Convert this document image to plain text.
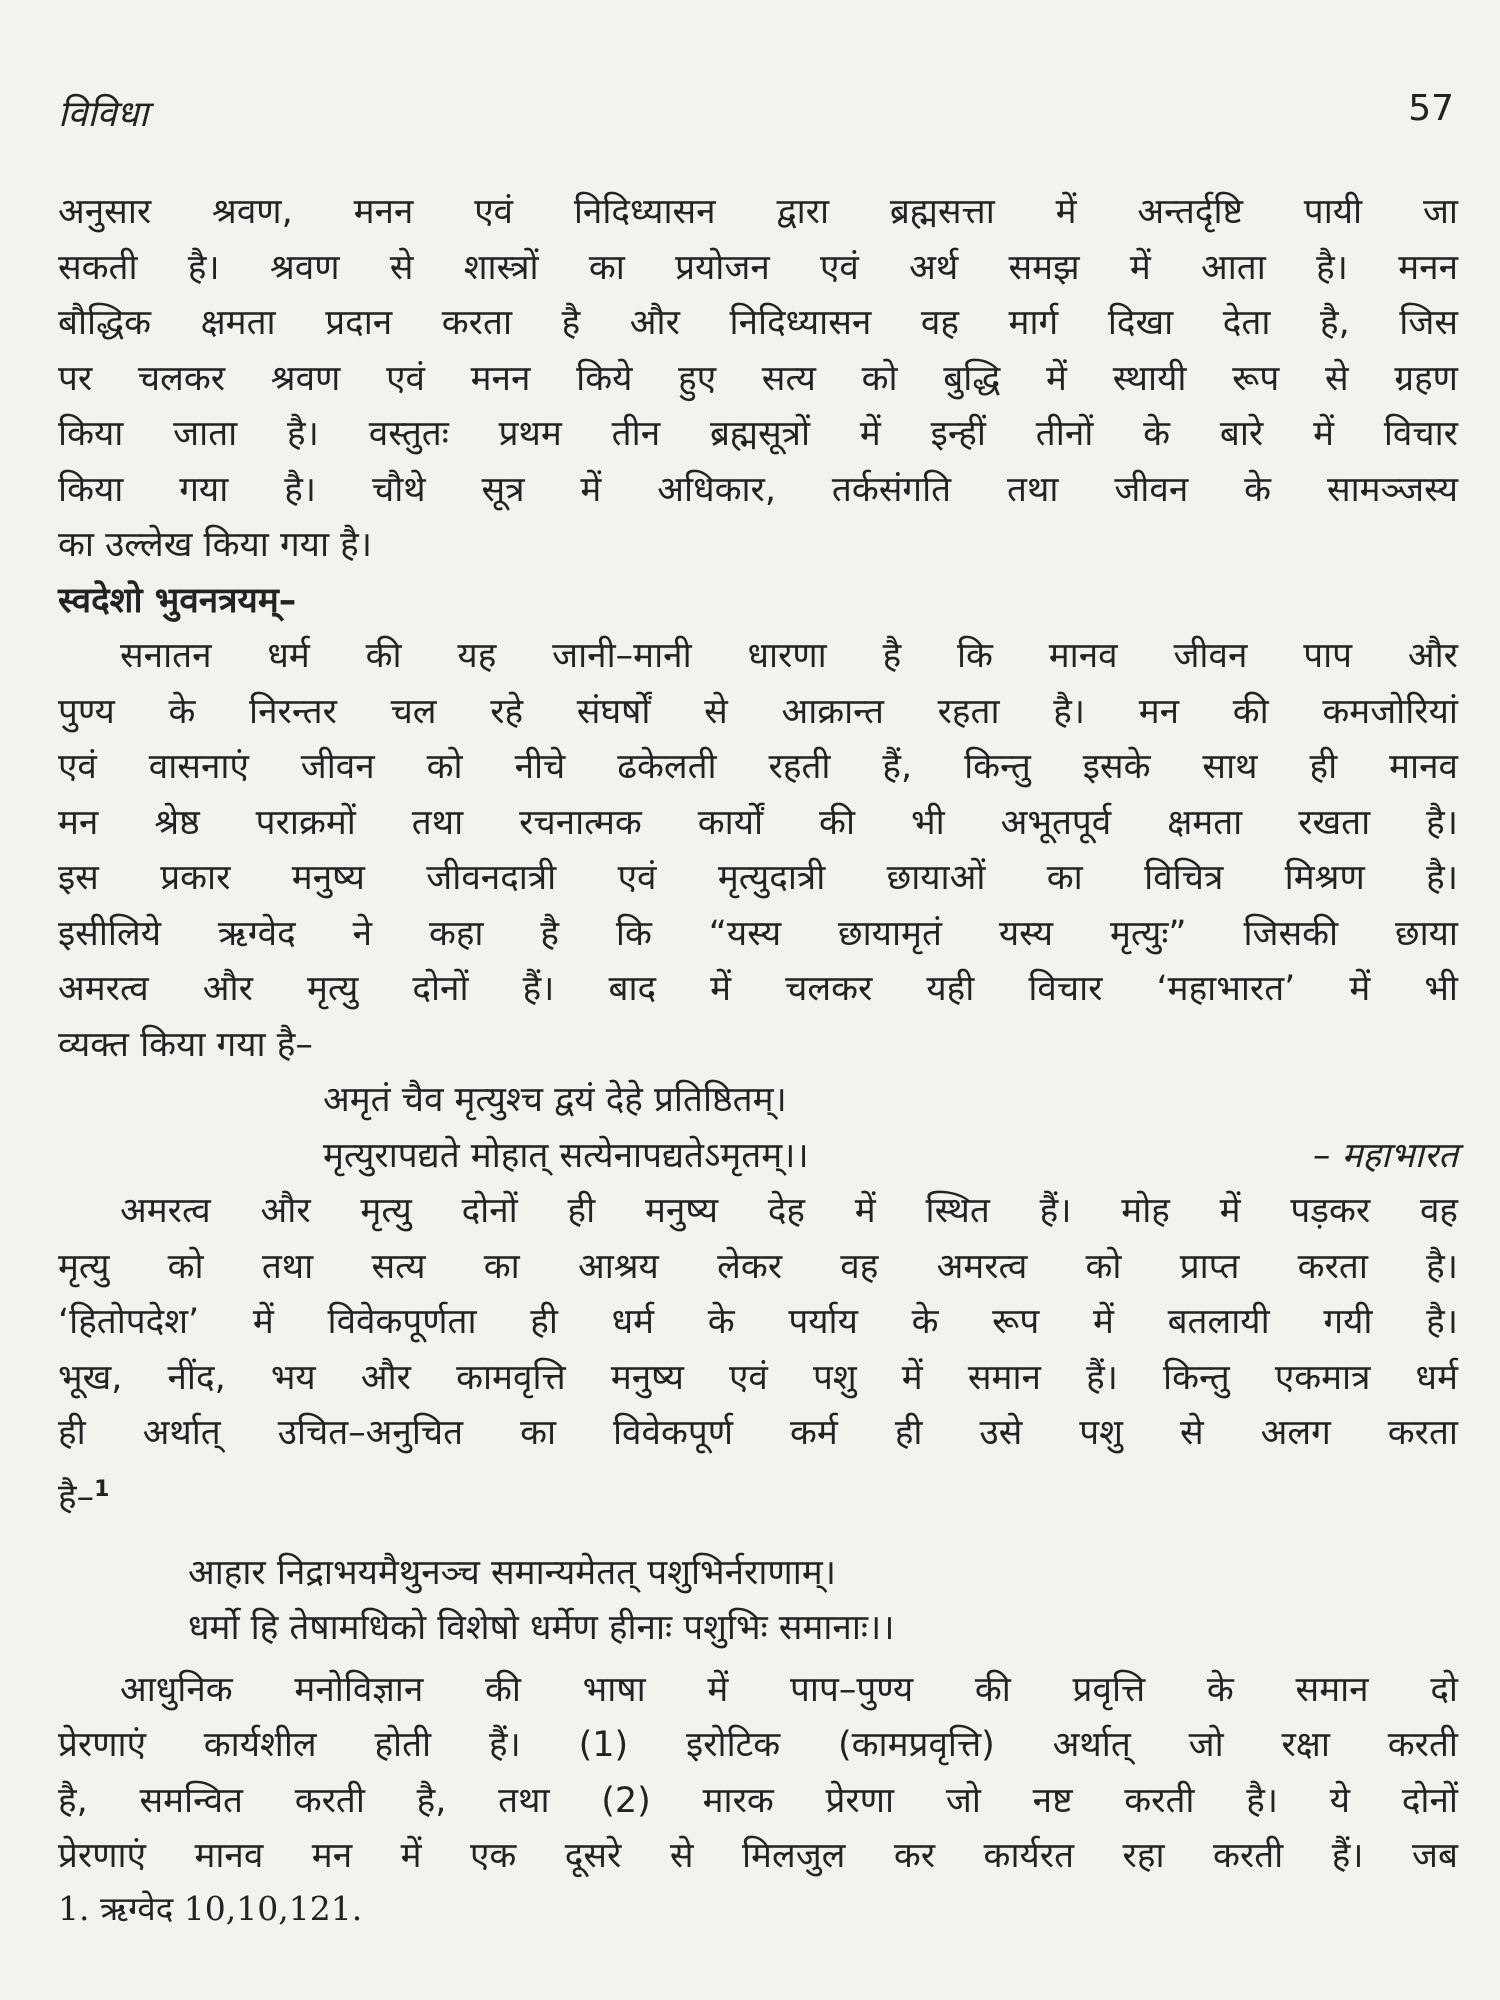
विविधा	57
अनुसार श्रवण, मनन एवं निदिध्यासन द्वारा ब्रह्मसत्ता में अन्तर्दृष्टि पायी जा
सकती है। श्रवण से शास्त्रों का प्रयोजन एवं अर्थ समझ में आता है। मनन
बौद्धिक क्षमता प्रदान करता है और निदिध्यासन वह मार्ग दिखा देता है, जिस
पर चलकर श्रवण एवं मनन किये हुए सत्य को बुद्धि में स्थायी रूप से ग्रहण
किया जाता है। वस्तुतः प्रथम तीन ब्रह्मसूत्रों में इन्हीं तीनों के बारे में विचार
किया गया है। चौथे सूत्र में अधिकार, तर्कसंगति तथा जीवन के सामञ्जस्य
का उल्लेख किया गया है।
स्वदेशो भुवनत्रयम्–
सनातन धर्म की यह जानी–मानी धारणा है कि मानव जीवन पाप और
पुण्य के निरन्तर चल रहे संघर्षों से आक्रान्त रहता है। मन की कमजोरियां
एवं वासनाएं जीवन को नीचे ढकेलती रहती हैं, किन्तु इसके साथ ही मानव
मन श्रेष्ठ पराक्रमों तथा रचनात्मक कार्यों की भी अभूतपूर्व क्षमता रखता है।
इस प्रकार मनुष्य जीवनदात्री एवं मृत्युदात्री छायाओं का विचित्र मिश्रण है।
इसीलिये ऋग्वेद ने कहा है कि “यस्य छायामृतं यस्य मृत्युः” जिसकी छाया
अमरत्व और मृत्यु दोनों हैं। बाद में चलकर यही विचार ‘महाभारत’ में भी
व्यक्त किया गया है–
अमृतं चैव मृत्युश्च द्वयं देहे प्रतिष्ठितम्।
मृत्युरापद्यते मोहात् सत्येनापद्यतेऽमृतम्।।	– महाभारत
अमरत्व और मृत्यु दोनों ही मनुष्य देह में स्थित हैं। मोह में पड़कर वह
मृत्यु को तथा सत्य का आश्रय लेकर वह अमरत्व को प्राप्त करता है।
‘हितोपदेश’ में विवेकपूर्णता ही धर्म के पर्याय के रूप में बतलायी गयी है।
भूख, नींद, भय और कामवृत्ति मनुष्य एवं पशु में समान हैं। किन्तु एकमात्र धर्म
ही अर्थात् उचित–अनुचित का विवेकपूर्ण कर्म ही उसे पशु से अलग करता
है–$^1$
आहार निद्राभयमैथुनञ्च समान्यमेतत् पशुभिर्नराणाम्।
धर्मो हि तेषामधिको विशेषो धर्मेण हीनाः पशुभिः समानाः।।
आधुनिक मनोविज्ञान की भाषा में पाप–पुण्य की प्रवृत्ति के समान दो
प्रेरणाएं कार्यशील होती हैं। (1) इरोटिक (कामप्रवृत्ति) अर्थात् जो रक्षा करती
है, समन्वित करती है, तथा (2) मारक प्रेरणा जो नष्ट करती है। ये दोनों
प्रेरणाएं मानव मन में एक दूसरे से मिलजुल कर कार्यरत रहा करती हैं। जब
1. ऋग्वेद 10,10,121.
